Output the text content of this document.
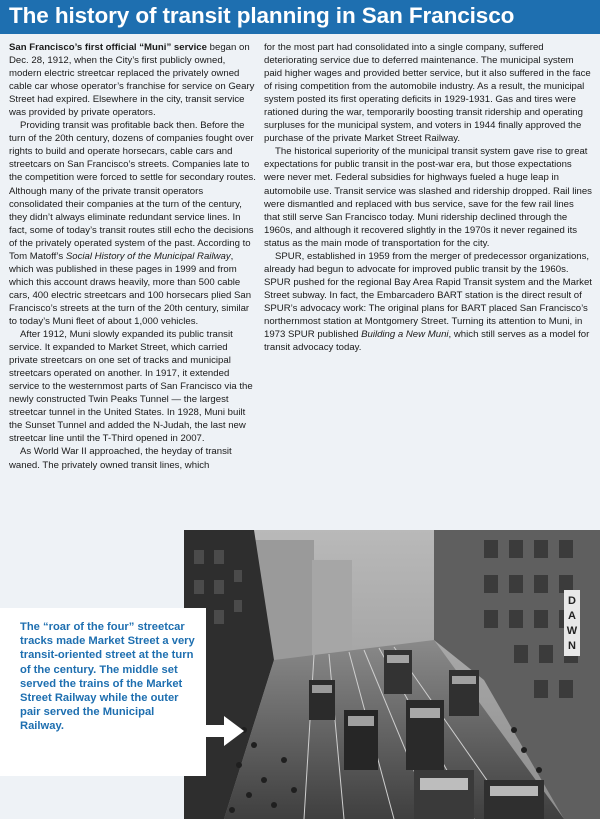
The history of transit planning in San Francisco

San Francisco’s first official “Muni” service began on Dec. 28, 1912, when the City’s first publicly owned, modern electric streetcar replaced the privately owned cable car whose operator’s franchise for service on Geary Street had expired. Elsewhere in the city, transit service was provided by private operators.

Providing transit was profitable back then. Before the turn of the 20th century, dozens of companies fought over rights to build and operate horsecars, cable cars and streetcars on San Francisco’s streets. Companies late to the competition were forced to settle for secondary routes. Although many of the private transit operators consolidated their companies at the turn of the century, they didn’t always eliminate redundant service lines. In fact, some of today’s transit routes still echo the decisions of the privately operated system of the past. According to Tom Matoff’s Social History of the Municipal Railway, which was published in these pages in 1999 and from which this account draws heavily, more than 500 cable cars, 400 electric streetcars and 100 horsecars plied San Francisco’s streets at the turn of the 20th century, similar to today’s Muni fleet of about 1,000 vehicles.

After 1912, Muni slowly expanded its public transit service. It expanded to Market Street, which carried private streetcars on one set of tracks and municipal streetcars operated on another. In 1917, it extended service to the westernmost parts of San Francisco via the newly constructed Twin Peaks Tunnel — the largest streetcar tunnel in the United States. In 1928, Muni built the Sunset Tunnel and added the N-Judah, the last new streetcar line until the T-Third opened in 2007.

As World War II approached, the heyday of transit waned. The privately owned transit lines, which

for the most part had consolidated into a single company, suffered deteriorating service due to deferred maintenance. The municipal system paid higher wages and provided better service, but it also suffered in the face of rising competition from the automobile industry. As a result, the municipal system posted its first operating deficits in 1929-1931. Gas and tires were rationed during the war, temporarily boosting transit ridership and operating surpluses for the municipal system, and voters in 1944 finally approved the purchase of the private Market Street Railway.

The historical superiority of the municipal transit system gave rise to great expectations for public transit in the post-war era, but those expectations were never met. Federal subsidies for highways fueled a huge leap in automobile use. Transit service was slashed and ridership dropped. Rail lines were dismantled and replaced with bus service, save for the few rail lines that still serve San Francisco today. Muni ridership declined through the 1960s, and although it recovered slightly in the 1970s it never regained its status as the main mode of transportation for the city.

SPUR, established in 1959 from the merger of predecessor organizations, already had begun to advocate for improved public transit by the 1960s. SPUR pushed for the regional Bay Area Rapid Transit system and the Market Street subway. In fact, the Embarcadero BART station is the direct result of SPUR’s advocacy work: The original plans for BART placed San Francisco’s northernmost station at Montgomery Street. Turning its attention to Muni, in 1973 SPUR published Building a New Muni, which still serves as a model for transit advocacy today.

D
A
W
N
The “roar of the four” streetcar tracks made Market Street a very transit-oriented street at the turn of the century. The middle set served the trains of the Market Street Railway while the outer pair served the Municipal Railway.
